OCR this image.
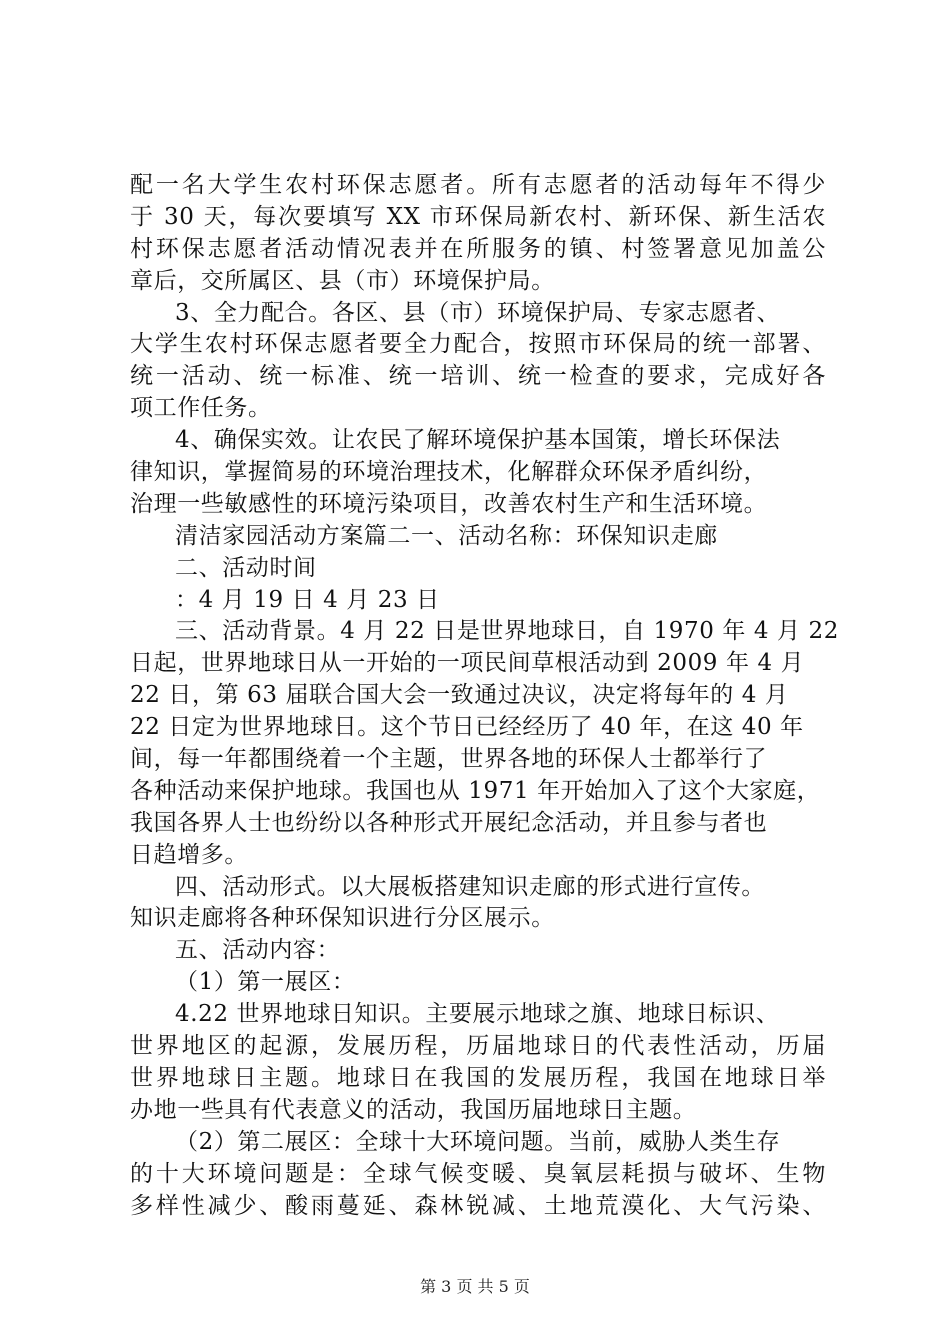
配一名大学生农村环保志愿者。所有志愿者的活动每年不得少
于 30 天，每次要填写 XX 市环保局新农村、新环保、新生活农
村环保志愿者活动情况表并在所服务的镇、村签署意见加盖公
章后，交所属区、县（市）环境保护局。
3、全力配合。各区、县（市）环境保护局、专家志愿者、
大学生农村环保志愿者要全力配合，按照市环保局的统一部署、
统一活动、统一标准、统一培训、统一检查的要求，完成好各
项工作任务。
4、确保实效。让农民了解环境保护基本国策，增长环保法
律知识，掌握简易的环境治理技术，化解群众环保矛盾纠纷，
治理一些敏感性的环境污染项目，改善农村生产和生活环境。
清洁家园活动方案篇二一、活动名称：环保知识走廊
二、活动时间
：4 月 19 日 4 月 23 日
三、活动背景。4 月 22 日是世界地球日，自 1970 年 4 月 22
日起，世界地球日从一开始的一项民间草根活动到 2009 年 4 月
22 日，第 63 届联合国大会一致通过决议，决定将每年的 4 月
22 日定为世界地球日。这个节日已经经历了 40 年，在这 40 年
间，每一年都围绕着一个主题，世界各地的环保人士都举行了
各种活动来保护地球。我国也从 1971 年开始加入了这个大家庭，
我国各界人士也纷纷以各种形式开展纪念活动，并且参与者也
日趋增多。
四、活动形式。以大展板搭建知识走廊的形式进行宣传。
知识走廊将各种环保知识进行分区展示。
五、活动内容：
（1）第一展区：
4.22 世界地球日知识。主要展示地球之旗、地球日标识、
世界地区的起源，发展历程，历届地球日的代表性活动，历届
世界地球日主题。地球日在我国的发展历程，我国在地球日举
办地一些具有代表意义的活动，我国历届地球日主题。
（2）第二展区：全球十大环境问题。当前，威胁人类生存
的十大环境问题是：全球气候变暖、臭氧层耗损与破坏、生物
多样性减少、酸雨蔓延、森林锐减、土地荒漠化、大气污染、
第 3 页 共 5 页
